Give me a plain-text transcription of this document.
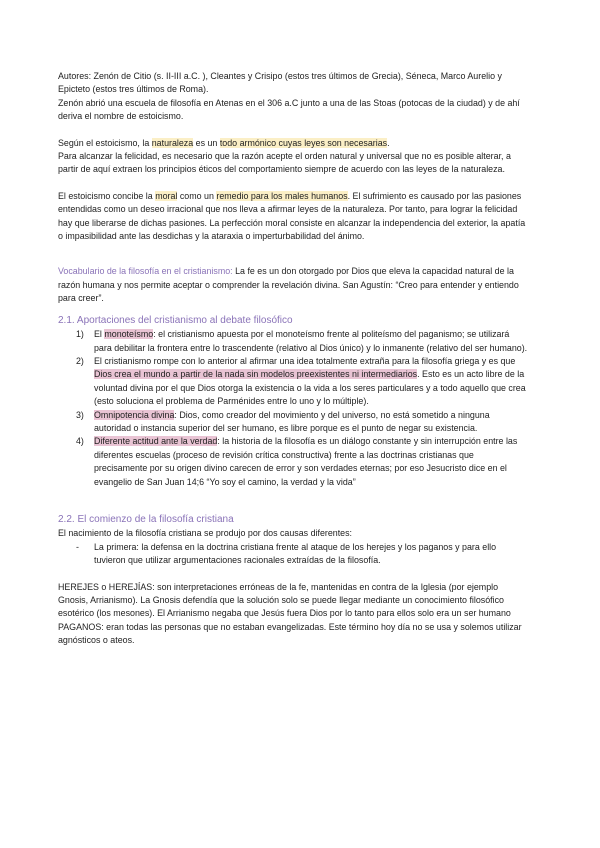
Autores: Zenón de Citio (s. II-III a.C. ), Cleantes y Crisipo (estos tres últimos de Grecia), Séneca, Marco Aurelio y Epicteto (estos tres últimos de Roma).
Zenón abrió una escuela de filosofía en Atenas en el 306 a.C junto a una de las Stoas (potocas de la ciudad) y de ahí deriva el nombre de estoicismo.

Según el estoicismo, la naturaleza es un todo armónico cuyas leyes son necesarias.
Para alcanzar la felicidad, es necesario que la razón acepte el orden natural y universal que no es posible alterar, a partir de aquí extraen los principios éticos del comportamiento siempre de acuerdo con las leyes de la naturaleza.

El estoicismo concibe la moral como un remedio para los males humanos. El sufrimiento es causado por las pasiones entendidas como un deseo irracional que nos lleva a afirmar leyes de la naturaleza. Por tanto, para lograr la felicidad hay que liberarse de dichas pasiones. La perfección moral consiste en alcanzar la independencia del exterior, la apatía o impasibilidad ante las desdichas y la ataraxia o imperturbabilidad del ánimo.

Vocabulario de la filosofía en el cristianismo: La fe es un don otorgado por Dios que eleva la capacidad natural de la razón humana y nos permite aceptar o comprender la revelación divina. San Agustín: “Creo para entender y entiendo para creer”.

2.1. Aportaciones del cristianismo al debate filosófico
1) El monoteísmo: el cristianismo apuesta por el monoteísmo frente al politeísmo del paganismo; se utilizará para debilitar la frontera entre lo trascendente (relativo al Dios único) y lo inmanente (relativo del ser humano).
2) El cristianismo rompe con lo anterior al afirmar una idea totalmente extraña para la filosofía griega y es que Dios crea el mundo a partir de la nada sin modelos preexistentes ni intermediarios. Esto es un acto libre de la voluntad divina por el que Dios otorga la existencia o la vida a los seres particulares y a todo aquello que crea (esto soluciona el problema de Parménides entre lo uno y lo múltiple).
3) Omnipotencia divina: Dios, como creador del movimiento y del universo, no está sometido a ninguna autoridad o instancia superior del ser humano, es libre porque es el punto de negar su existencia.
4) Diferente actitud ante la verdad: la historia de la filosofía es un diálogo constante y sin interrupción entre las diferentes escuelas (proceso de revisión crítica constructiva) frente a las doctrinas cristianas que precisamente por su origen divino carecen de error y son verdades eternas; por eso Jesucristo dice en el evangelio de San Juan 14;6 “Yo soy el camino, la verdad y la vida”
2.2. El comienzo de la filosofía cristiana

El nacimiento de la filosofía cristiana se produjo por dos causas diferentes:

- La primera: la defensa en la doctrina cristiana frente al ataque de los herejes y los paganos y para ello tuvieron que utilizar argumentaciones racionales extraídas de la filosofía.

HEREJES o HEREJÍAS: son interpretaciones erróneas de la fe, mantenidas en contra de la Iglesia (por ejemplo Gnosis, Arrianismo). La Gnosis defendía que la solución solo se puede llegar mediante un conocimiento filosófico esotérico (los mesones). El Arrianismo negaba que Jesús fuera Dios por lo tanto para ellos solo era un ser humano

PAGANOS: eran todas las personas que no estaban evangelizadas. Este término hoy día no se usa y solemos utilizar agnósticos o ateos.
